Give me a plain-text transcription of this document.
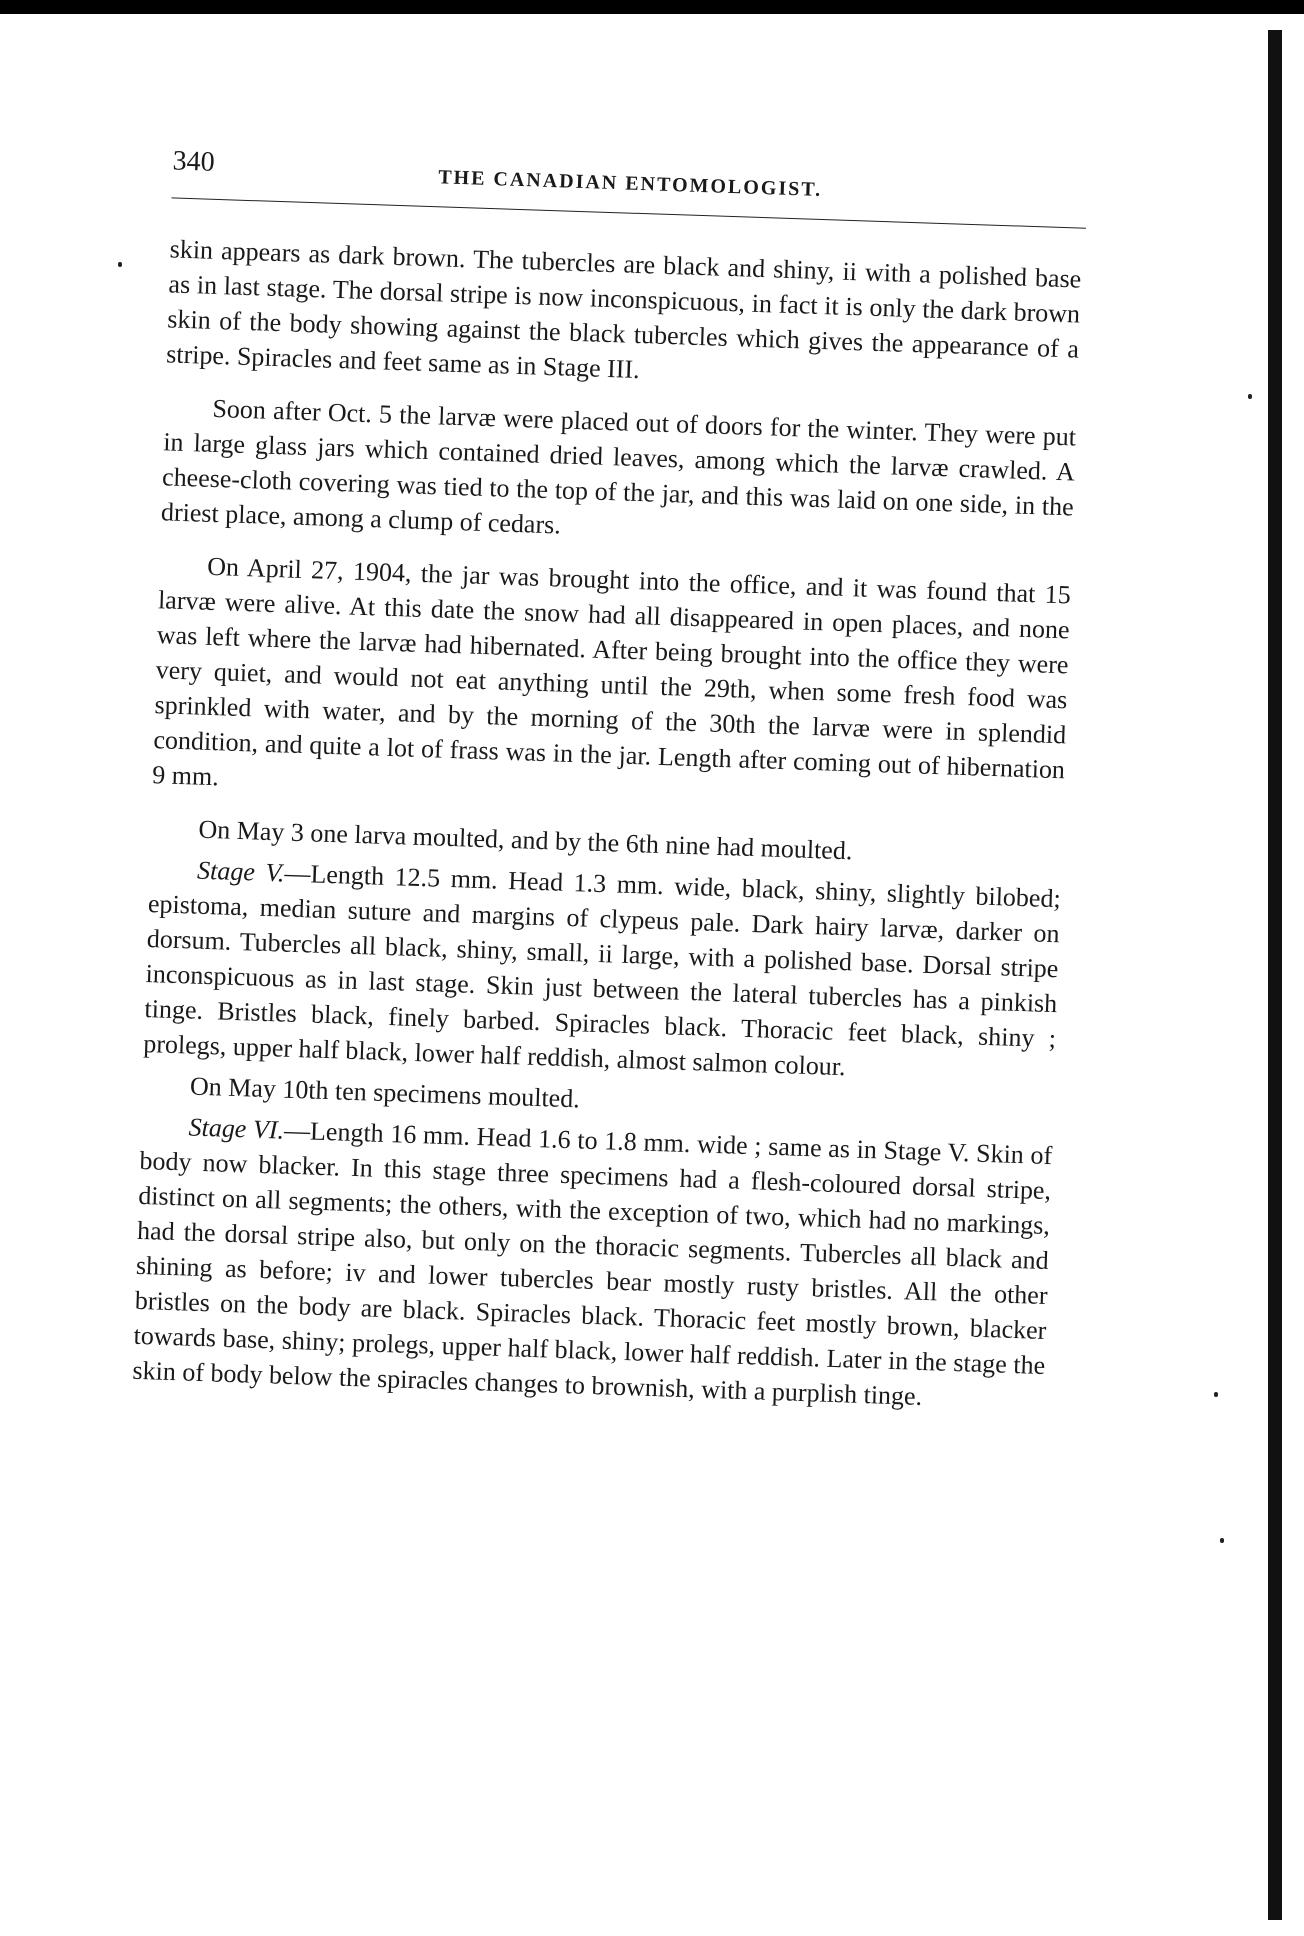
340
THE CANADIAN ENTOMOLOGIST.

skin appears as dark brown. The tubercles are black and shiny, ii with a polished base as in last stage. The dorsal stripe is now inconspicuous, in fact it is only the dark brown skin of the body showing against the black tubercles which gives the appearance of a stripe. Spiracles and feet same as in Stage III.

Soon after Oct. 5 the larvæ were placed out of doors for the winter. They were put in large glass jars which contained dried leaves, among which the larvæ crawled. A cheese-cloth covering was tied to the top of the jar, and this was laid on one side, in the driest place, among a clump of cedars.

On April 27, 1904, the jar was brought into the office, and it was found that 15 larvæ were alive. At this date the snow had all disappeared in open places, and none was left where the larvæ had hibernated. After being brought into the office they were very quiet, and would not eat anything until the 29th, when some fresh food was sprinkled with water, and by the morning of the 30th the larvæ were in splendid condition, and quite a lot of frass was in the jar. Length after coming out of hibernation 9 mm.

On May 3 one larva moulted, and by the 6th nine had moulted.

Stage V.—Length 12.5 mm. Head 1.3 mm. wide, black, shiny, slightly bilobed; epistoma, median suture and margins of clypeus pale. Dark hairy larvæ, darker on dorsum. Tubercles all black, shiny, small, ii large, with a polished base. Dorsal stripe inconspicuous as in last stage. Skin just between the lateral tubercles has a pinkish tinge. Bristles black, finely barbed. Spiracles black. Thoracic feet black, shiny ; prolegs, upper half black, lower half reddish, almost salmon colour.

On May 10th ten specimens moulted.

Stage VI.—Length 16 mm. Head 1.6 to 1.8 mm. wide ; same as in Stage V. Skin of body now blacker. In this stage three specimens had a flesh-coloured dorsal stripe, distinct on all segments; the others, with the exception of two, which had no markings, had the dorsal stripe also, but only on the thoracic segments. Tubercles all black and shining as before; iv and lower tubercles bear mostly rusty bristles. All the other bristles on the body are black. Spiracles black. Thoracic feet mostly brown, blacker towards base, shiny; prolegs, upper half black, lower half reddish. Later in the stage the skin of body below the spiracles changes to brownish, with a purplish tinge.
